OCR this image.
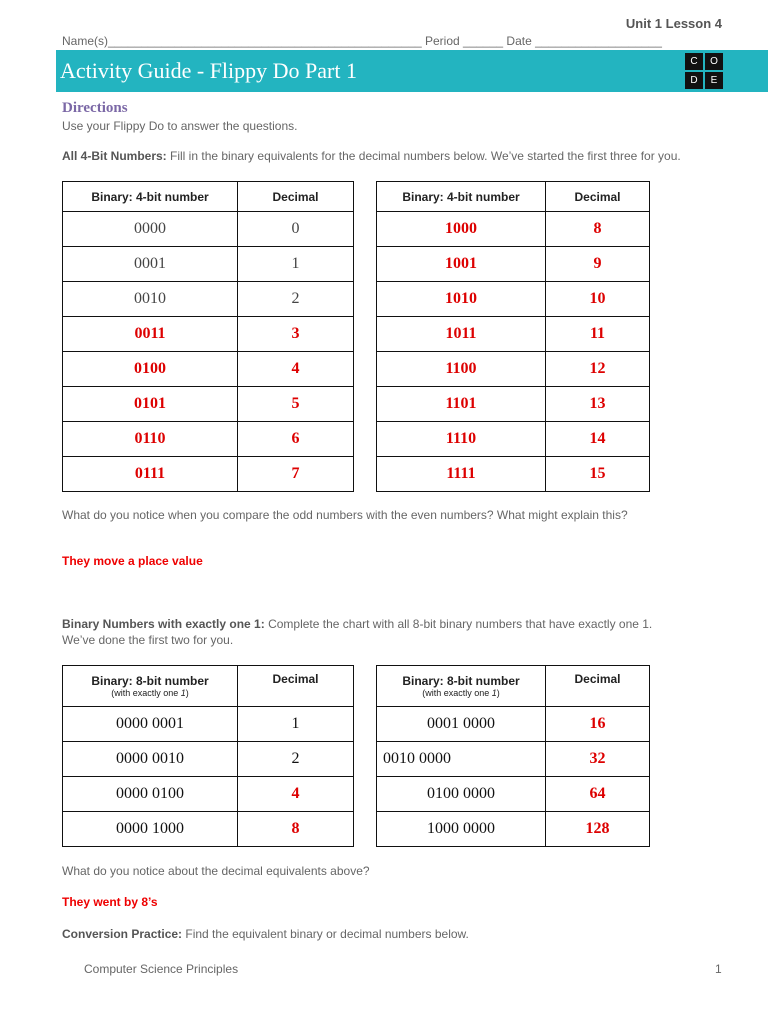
Unit 1 Lesson 4
Name(s)_______________________________________________ Period ______ Date ___________________
Activity Guide - Flippy Do Part 1	C	O
D	E
Directions
Use your Flippy Do to answer the questions.
All 4-Bit Numbers: Fill in the binary equivalents for the decimal numbers below. We’ve started the first three for you.
Binary: 4-bit number	Decimal
0000	0
0001	1
0010	2
0011	3
0100	4
0101	5
0110	6
0111	7
Binary: 4-bit number	Decimal
1000	8
1001	9
1010	10
1011	11
1100	12
1101	13
1110	14
1111	15
What do you notice when you compare the odd numbers with the even numbers? What might explain this?
They move a place value
Binary Numbers with exactly one 1: Complete the chart with all 8-bit binary numbers that have exactly one 1.
We’ve done the first two for you.
Binary: 8-bit number
(with exactly one 1)	Decimal
0000 0001	1
0000 0010	2
0000 0100	4
0000 1000	8
Binary: 8-bit number
(with exactly one 1)	Decimal
0001 0000	16
0010 0000	32
0100 0000	64
1000 0000	128
What do you notice about the decimal equivalents above?
They went by 8’s
Conversion Practice: Find the equivalent binary or decimal numbers below.
Computer Science Principles	1
